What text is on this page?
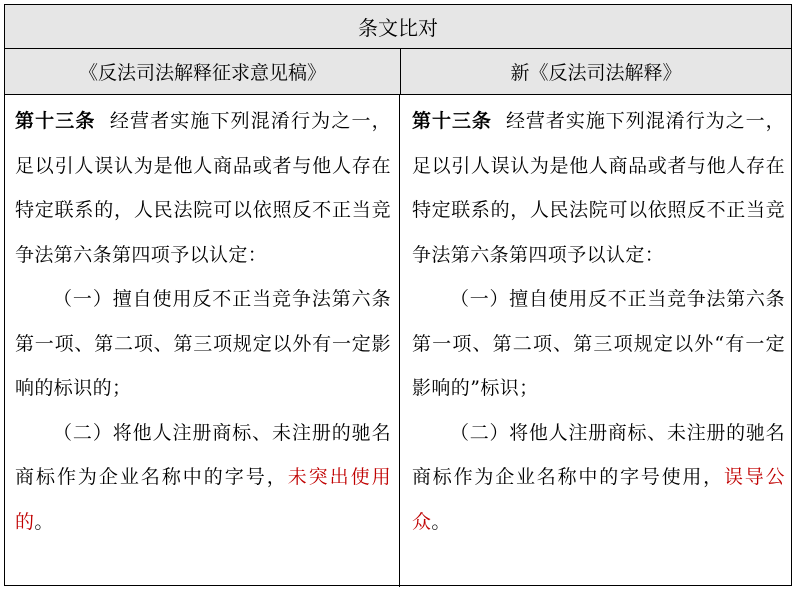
条文比对
《反法司法解释征求意见稿》	新《反法司法解释》

第十三条 经营者实施下列混淆行为之一，足以引人误认为是他人商品或者与他人存在特定联系的，人民法院可以依照反不正当竞争法第六条第四项予以认定：

（一）擅自使用反不正当竞争法第六条第一项、第二项、第三项规定以外有一定影响的标识的；

（二）将他人注册商标、未注册的驰名商标作为企业名称中的字号，未突出使用的。

第十三条 经营者实施下列混淆行为之一，足以引人误认为是他人商品或者与他人存在特定联系的，人民法院可以依照反不正当竞争法第六条第四项予以认定：

（一）擅自使用反不正当竞争法第六条第一项、第二项、第三项规定以外“有一定影响的”标识；

（二）将他人注册商标、未注册的驰名商标作为企业名称中的字号使用，误导公众。
